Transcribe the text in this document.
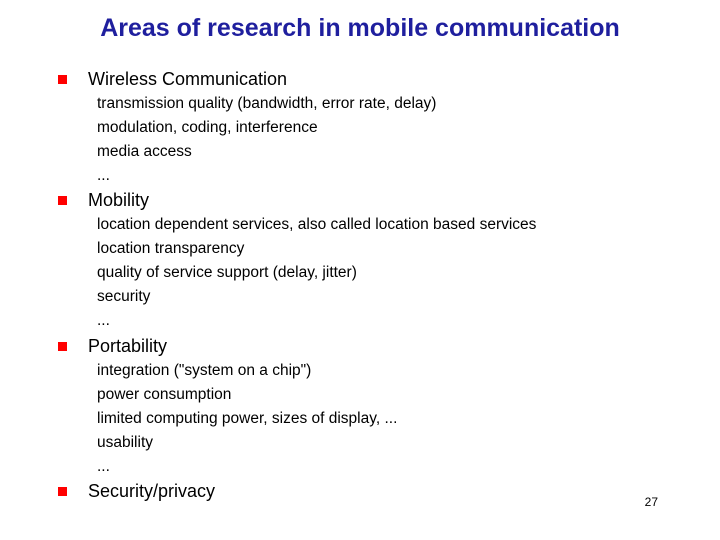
Areas of research in mobile communication
Wireless Communication
transmission quality (bandwidth, error rate, delay)
modulation, coding, interference
media access
...
Mobility
location dependent services, also called location based services
location transparency
quality of service support (delay, jitter)
security
...
Portability
integration ("system on a chip")
power consumption
limited computing power, sizes of display, ...
usability
...
Security/privacy
27
